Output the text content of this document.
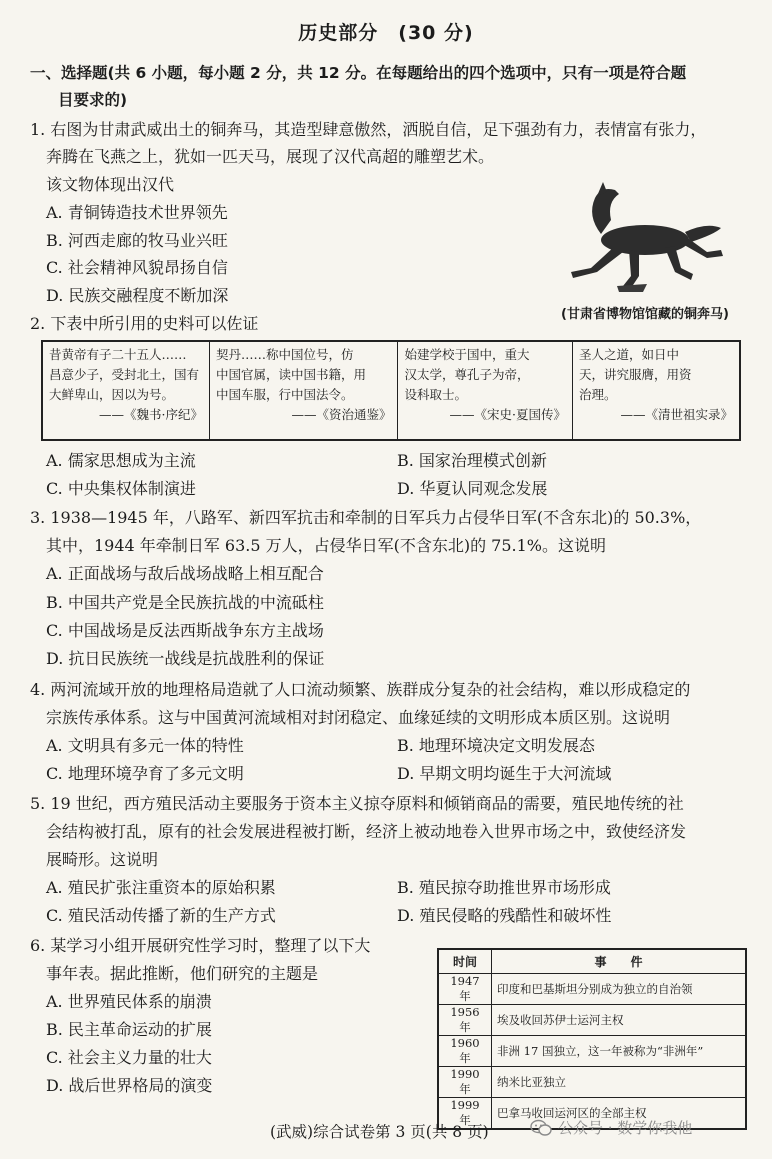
历史部分　(30 分)
一、选择题(共 6 小题，每小题 2 分，共 12 分。在每题给出的四个选项中，只有一项是符合题
目要求的)
1. 右图为甘肃武威出土的铜奔马，其造型肆意傲然，洒脱自信，足下强劲有力，表情富有张力，
奔腾在飞燕之上，犹如一匹天马，展现了汉代高超的雕塑艺术。
该文物体现出汉代
A. 青铜铸造技术世界领先
B. 河西走廊的牧马业兴旺
C. 社会精神风貌昂扬自信
D. 民族交融程度不断加深
(甘肃省博物馆馆藏的铜奔马)
2. 下表中所引用的史料可以佐证
昔黄帝有子二十五人……
昌意少子，受封北土，国有
大鲜卑山，因以为号。
——《魏书·序纪》

契丹……称中国位号，仿
中国官属，读中国书籍，用
中国车服，行中国法令。
——《资治通鉴》

始建学校于国中，重大
汉太学，尊孔子为帝，
设科取士。
——《宋史·夏国传》

圣人之道，如日中
天，讲究服膺，用资
治理。
——《清世祖实录》
A. 儒家思想成为主流	B. 国家治理模式创新
C. 中央集权体制演进	D. 华夏认同观念发展
3. 1938—1945 年，八路军、新四军抗击和牵制的日军兵力占侵华日军(不含东北)的 50.3%，
其中，1944 年牵制日军 63.5 万人，占侵华日军(不含东北)的 75.1%。这说明
A. 正面战场与敌后战场战略上相互配合
B. 中国共产党是全民族抗战的中流砥柱
C. 中国战场是反法西斯战争东方主战场
D. 抗日民族统一战线是抗战胜利的保证
4. 两河流域开放的地理格局造就了人口流动频繁、族群成分复杂的社会结构，难以形成稳定的
宗族传承体系。这与中国黄河流域相对封闭稳定、血缘延续的文明形成本质区别。这说明
A. 文明具有多元一体的特性	B. 地理环境决定文明发展态
C. 地理环境孕育了多元文明	D. 早期文明均诞生于大河流域
5. 19 世纪，西方殖民活动主要服务于资本主义掠夺原料和倾销商品的需要，殖民地传统的社
会结构被打乱，原有的社会发展进程被打断，经济上被动地卷入世界市场之中，致使经济发
展畸形。这说明
A. 殖民扩张注重资本的原始积累	B. 殖民掠夺助推世界市场形成
C. 殖民活动传播了新的生产方式	D. 殖民侵略的残酷性和破坏性
6. 某学习小组开展研究性学习时，整理了以下大
事年表。据此推断，他们研究的主题是
A. 世界殖民体系的崩溃
B. 民主革命运动的扩展
C. 社会主义力量的壮大
D. 战后世界格局的演变
时间	事　　件
1947 年	印度和巴基斯坦分别成为独立的自治领
1956 年	埃及收回苏伊士运河主权
1960 年	非洲 17 国独立，这一年被称为“非洲年”
1990 年	纳米比亚独立
1999 年	巴拿马收回运河区的全部主权
(武威)综合试卷第 3 页(共 8 页)	公众号 · 数学你我他
